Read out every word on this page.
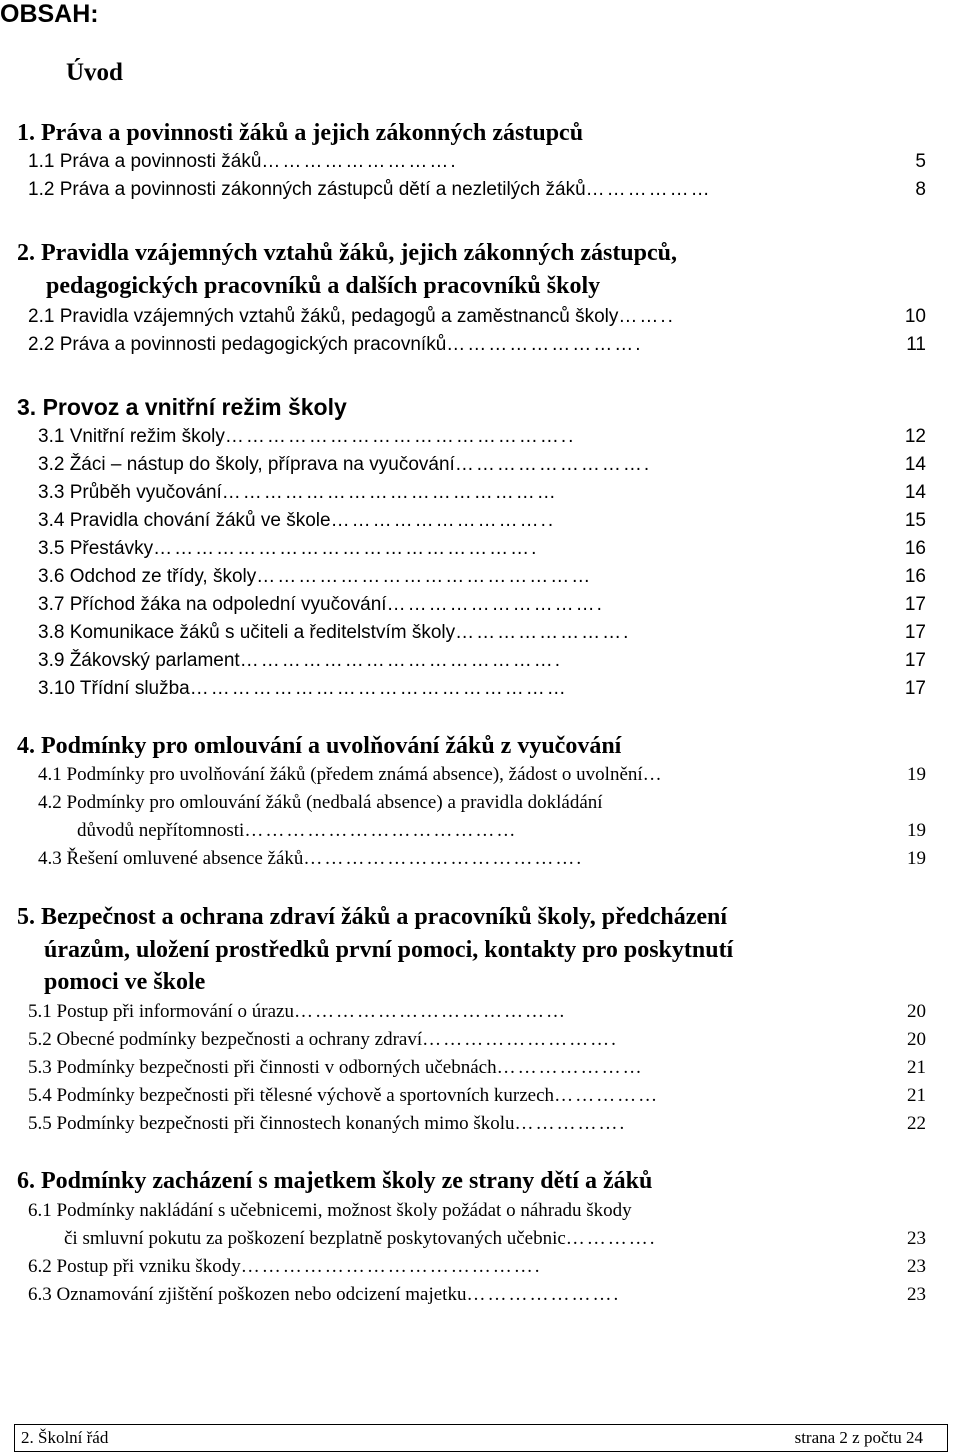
OBSAH:
Úvod
1. Práva a povinnosti žáků a jejich zákonných zástupců
1.1 Práva a povinnosti žáků……………………….	5
1.2 Práva a povinnosti zákonných zástupců dětí a nezletilých žáků………………	8
2. Pravidla vzájemných vztahů žáků, jejich zákonných zástupců,
pedagogických pracovníků a dalších pracovníků školy
2.1 Pravidla vzájemných vztahů žáků, pedagogů a zaměstnanců školy……..	10
2.2 Práva a povinnosti pedagogických pracovníků……………………….	11
3. Provoz a vnitřní režim školy
3.1 Vnitřní režim školy…………………………………………..	12
3.2 Žáci – nástup do školy, příprava na vyučování……………………….	14
3.3 Průběh vyučování…………………………………………	14
3.4 Pravidla chování žáků ve škole…………………………..	15
3.5 Přestávky……………………………………………….	16
3.6 Odchod ze třídy, školy…………………………………………	16
3.7 Příchod žáka na odpolední vyučování………………………….	17
3.8 Komunikace žáků s učiteli a ředitelstvím školy…………………….	17
3.9 Žákovský parlament……………………………………….	17
3.10 Třídní služba………………………………………………	17
4. Podmínky pro omlouvání a uvolňování žáků z vyučování
4.1 Podmínky pro uvolňování žáků (předem známá absence), žádost o uvolnění…	19
4.2 Podmínky pro omlouvání žáků (nedbalá absence) a pravidla dokládání
důvodů nepřítomnosti…………………………………	19
4.3 Řešení omluvené absence žáků………………………………….	19
5. Bezpečnost a ochrana zdraví žáků a pracovníků školy, předcházení
úrazům, uložení prostředků první pomoci, kontakty pro poskytnutí
pomoci ve škole
5.1 Postup při informování o úrazu…………………………………	20
5.2 Obecné podmínky bezpečnosti a ochrany zdraví……………………….	20
5.3 Podmínky bezpečnosti při činnosti v odborných učebnách…………………	21
5.4 Podmínky bezpečnosti při tělesné výchově a sportovních kurzech……………	21
5.5 Podmínky bezpečnosti při činnostech konaných mimo školu…………….	22
6. Podmínky zacházení s majetkem školy ze strany dětí a žáků
6.1 Podmínky nakládání s učebnicemi, možnost školy požádat o náhradu škody
či smluvní pokutu za poškození bezplatně poskytovaných učebnic………….	23
6.2 Postup při vzniku škody…………………………………….	23
6.3 Oznamování zjištění poškozen nebo odcizení majetku………………….	23
2. Školní řád	strana 2 z počtu 24
